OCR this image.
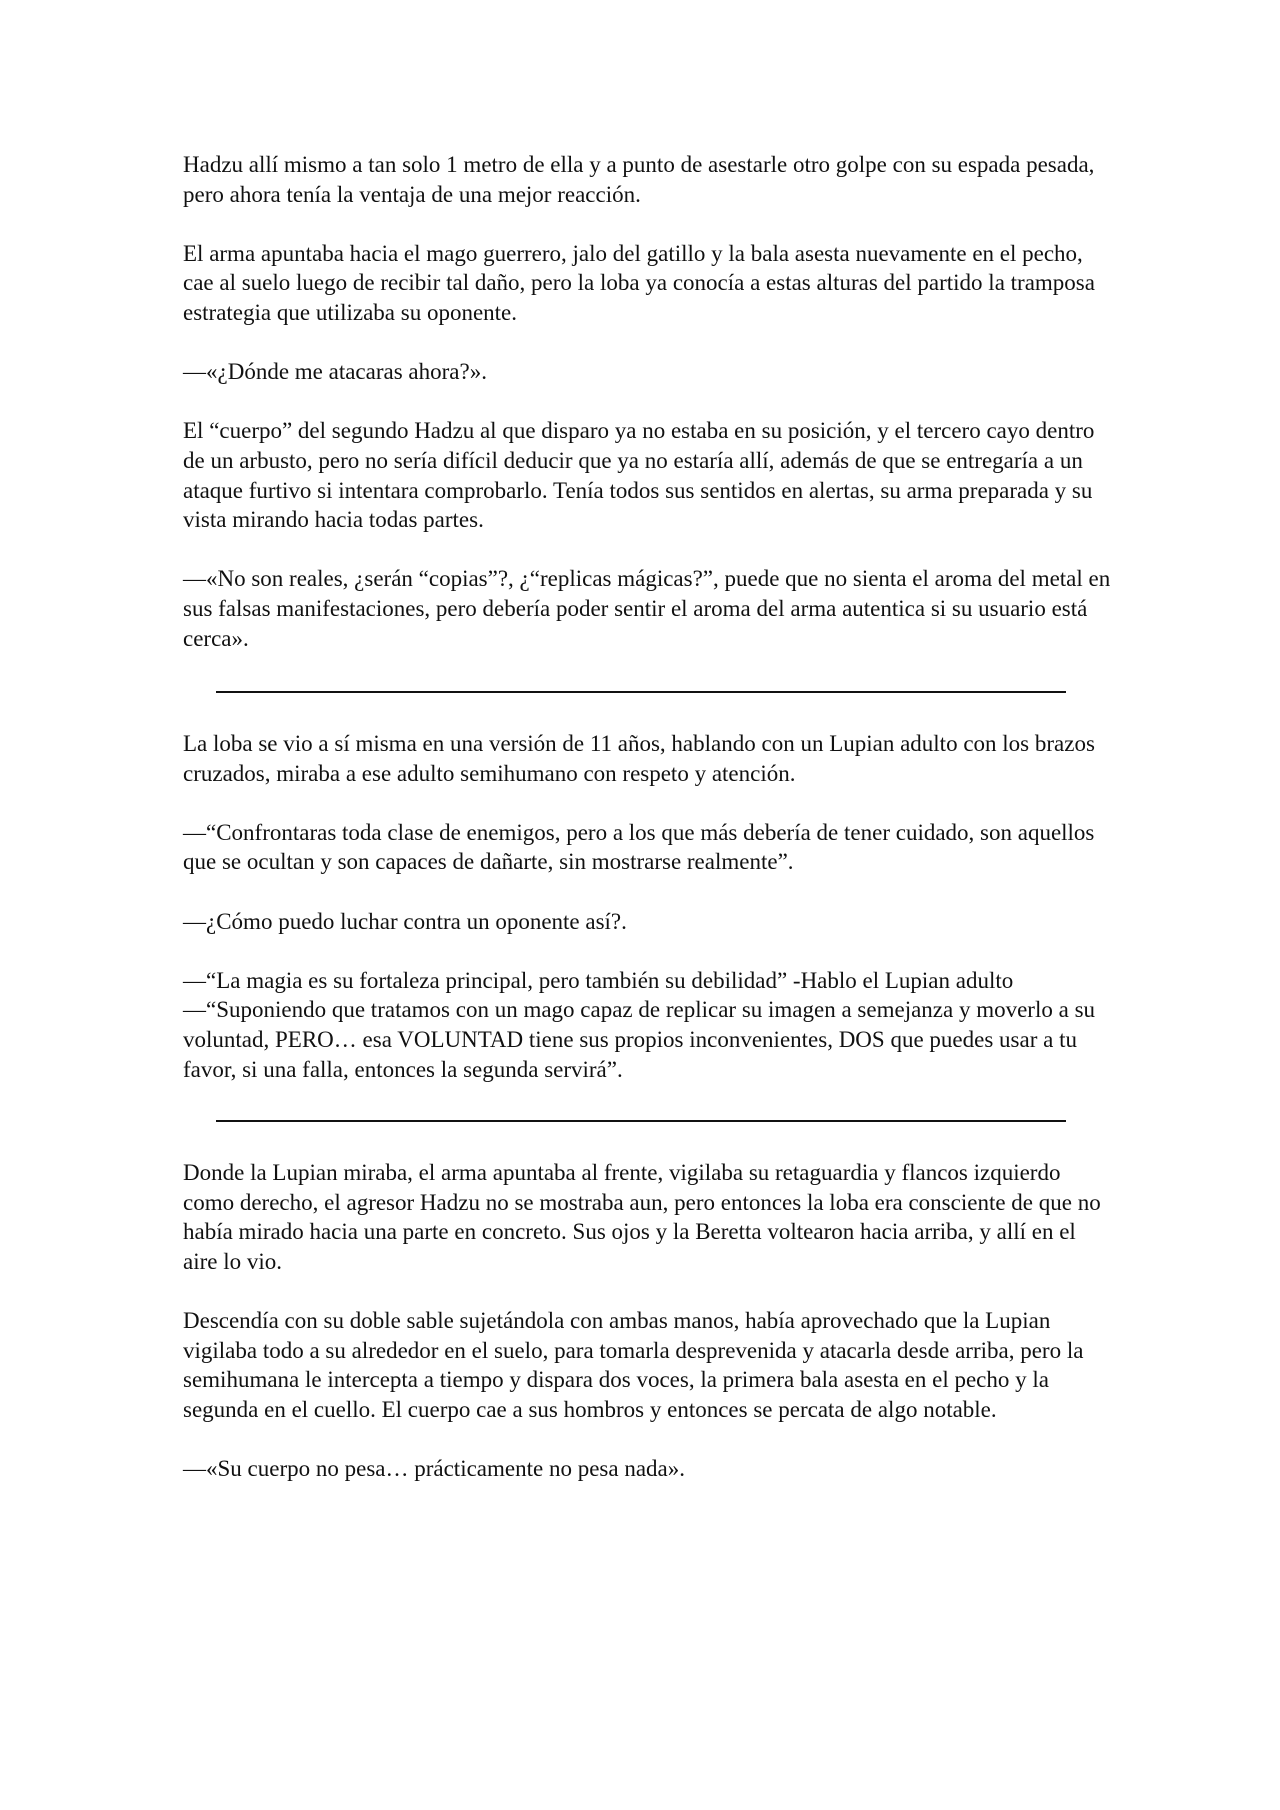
Hadzu allí mismo a tan solo 1 metro de ella y a punto de asestarle otro golpe con su espada pesada, pero ahora tenía la ventaja de una mejor reacción.

El arma apuntaba hacia el mago guerrero, jalo del gatillo y la bala asesta nuevamente en el pecho, cae al suelo luego de recibir tal daño, pero la loba ya conocía a estas alturas del partido la tramposa estrategia que utilizaba su oponente.

—«¿Dónde me atacaras ahora?».

El “cuerpo” del segundo Hadzu al que disparo ya no estaba en su posición, y el tercero cayo dentro de un arbusto, pero no sería difícil deducir que ya no estaría allí, además de que se entregaría a un ataque furtivo si intentara comprobarlo. Tenía todos sus sentidos en alertas, su arma preparada y su vista mirando hacia todas partes.

—«No son reales, ¿serán “copias”?, ¿“replicas mágicas?”, puede que no sienta el aroma del metal en sus falsas manifestaciones, pero debería poder sentir el aroma del arma autentica si su usuario está cerca».

La loba se vio a sí misma en una versión de 11 años, hablando con un Lupian adulto con los brazos cruzados, miraba a ese adulto semihumano con respeto y atención.

—“Confrontaras toda clase de enemigos, pero a los que más debería de tener cuidado, son aquellos que se ocultan y son capaces de dañarte, sin mostrarse realmente”.

—¿Cómo puedo luchar contra un oponente así?.

—“La magia es su fortaleza principal, pero también su debilidad” -Hablo el Lupian adulto —“Suponiendo que tratamos con un mago capaz de replicar su imagen a semejanza y moverlo a su voluntad, PERO… esa VOLUNTAD tiene sus propios inconvenientes, DOS que puedes usar a tu favor, si una falla, entonces la segunda servirá”.

Donde la Lupian miraba, el arma apuntaba al frente, vigilaba su retaguardia y flancos izquierdo como derecho, el agresor Hadzu no se mostraba aun, pero entonces la loba era consciente de que no había mirado hacia una parte en concreto. Sus ojos y la Beretta voltearon hacia arriba, y allí en el aire lo vio.

Descendía con su doble sable sujetándola con ambas manos, había aprovechado que la Lupian vigilaba todo a su alrededor en el suelo, para tomarla desprevenida y atacarla desde arriba, pero la semihumana le intercepta a tiempo y dispara dos voces, la primera bala asesta en el pecho y la segunda en el cuello. El cuerpo cae a sus hombros y entonces se percata de algo notable.

—«Su cuerpo no pesa… prácticamente no pesa nada».
